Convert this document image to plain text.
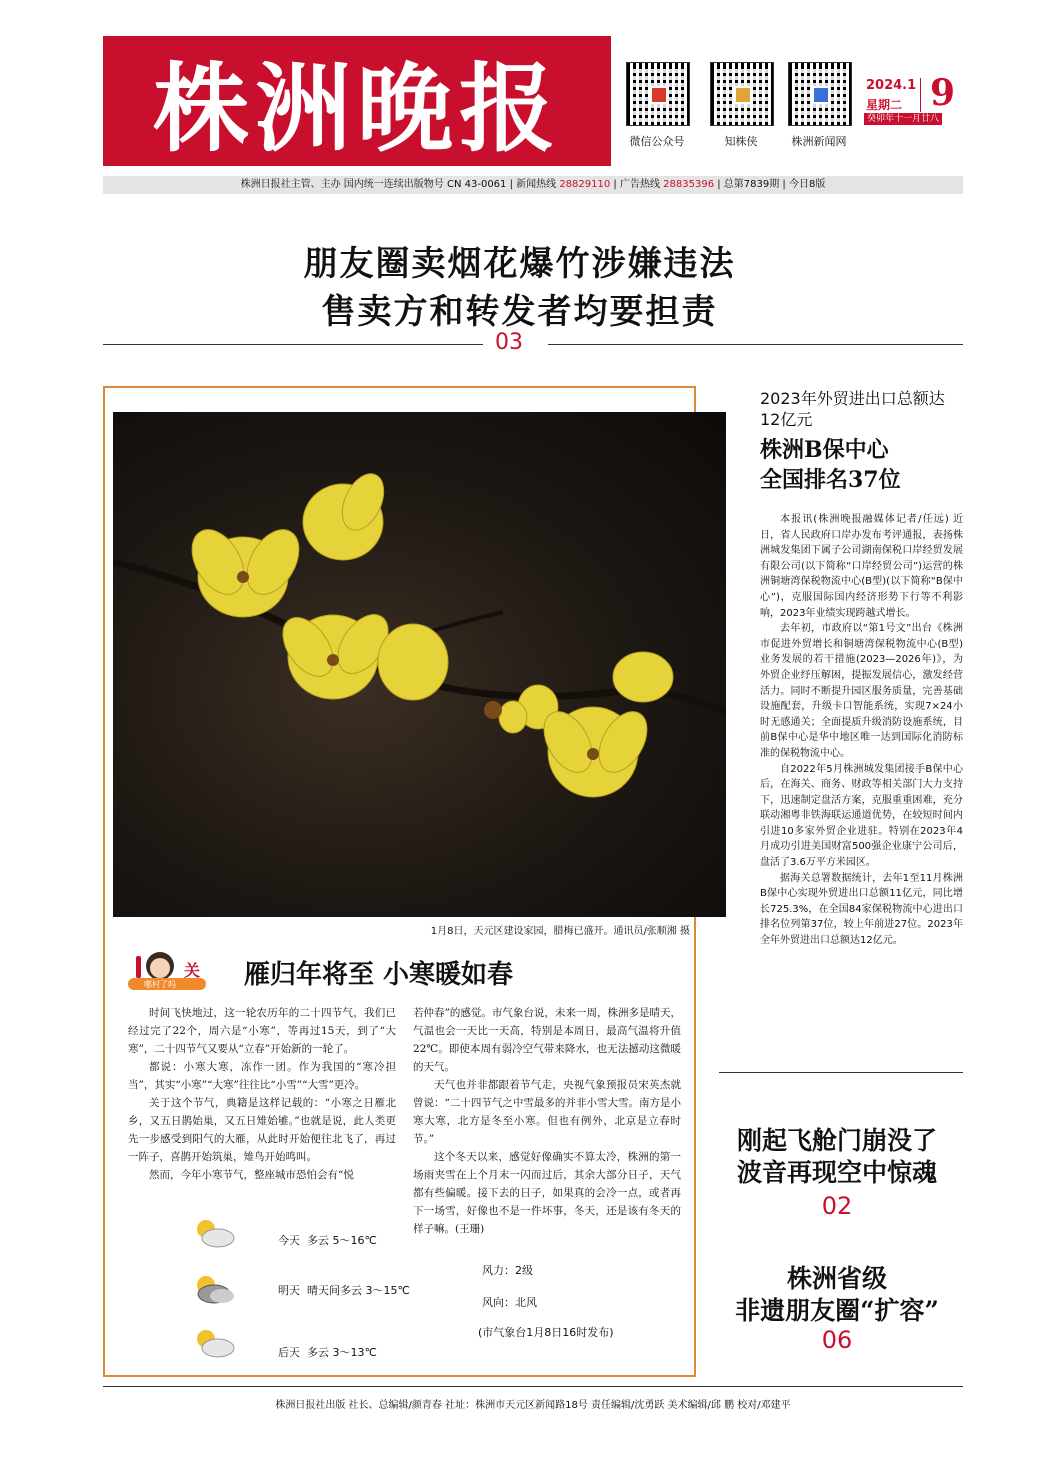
株洲晚报	微信公众号	知株侠	株洲新闻网
2024.1
星期二
癸卯年十一月廿八
9
株洲日报社主管、主办 国内统一连续出版物号 CN 43-0061 | 新闻热线 28829110 | 广告热线 28835396 | 总第7839期 | 今日8版
朋友圈卖烟花爆竹涉嫌违法
售卖方和转发者均要担责
03
1月8日，天元区建设家园，腊梅已盛开。通讯员/张顺湘 摄
关
哪村了吗	雁归年将至 小寒暖如春

时间飞快地过，这一轮农历年的二十四节气，我们已经过完了22个，周六是“小寒”，等再过15天，到了“大寒”，二十四节气又要从“立春”开始新的一轮了。

都说：小寒大寒，冻作一团。作为我国的“寒冷担当”，其实“小寒”“大寒”往往比“小雪”“大雪”更冷。

关于这个节气，典籍是这样记载的：“小寒之日雁北乡，又五日鹊始巢，又五日雉始雊。”也就是说，此人类更先一步感受到阳气的大雁，从此时开始便往北飞了，再过一阵子，喜鹊开始筑巢，雉鸟开始鸣叫。

然而，今年小寒节气，整座城市恐怕会有“悦

若仲春”的感觉。市气象台说，未来一周，株洲多是晴天，气温也会一天比一天高，特别是本周日，最高气温将升值22℃。即使本周有弱冷空气带来降水，也无法撼动这微暖的天气。

天气也并非都跟着节气走，央视气象预报员宋英杰就曾说：“二十四节气之中雪最多的并非小雪大雪。南方是小寒大寒，北方是冬至小寒。但也有例外，北京是立春时节。”

这个冬天以来，感觉好像确实不算太冷，株洲的第一场雨夹雪在上个月末一闪而过后，其余大部分日子，天气都有些偏暖。接下去的日子，如果真的会冷一点，或者再下一场雪，好像也不是一件坏事，冬天，还是该有冬天的样子嘛。(王珊)

今天 多云 5～16℃
明天 晴天间多云 3～15℃
后天 多云 3～13℃
风力：2级
风向：北风
(市气象台1月8日16时发布)
2023年外贸进出口总额达12亿元
株洲B保中心
全国排名37位

本报讯(株洲晚报融媒体记者/任远) 近日，省人民政府口岸办发布考评通报，表扬株洲城发集团下属子公司湖南保税口岸经贸发展有限公司(以下简称“口岸经贸公司”)运营的株洲铜塘湾保税物流中心(B型)(以下简称“B保中心”)，克服国际国内经济形势下行等不利影响，2023年业绩实现跨越式增长。

去年初，市政府以“第1号文”出台《株洲市促进外贸增长和铜塘湾保税物流中心(B型)业务发展的若干措施(2023—2026年)》，为外贸企业纾压解困，提振发展信心，激发经营活力。同时不断提升园区服务质量，完善基础设施配套，升级卡口智能系统，实现7×24小时无感通关；全面提质升级消防设施系统，目前B保中心是华中地区唯一达到国际化消防标准的保税物流中心。

自2022年5月株洲城发集团接手B保中心后，在海关、商务、财政等相关部门大力支持下，迅速制定盘活方案，克服重重困难，充分联动湘粤非铁海联运通道优势，在较短时间内引进10多家外贸企业进驻。特别在2023年4月成功引进美国财富500强企业康宁公司后，盘活了3.6万平方米园区。

据海关总署数据统计，去年1至11月株洲B保中心实现外贸进出口总额11亿元，同比增长725.3%，在全国84家保税物流中心进出口排名位列第37位，较上年前进27位。2023年全年外贸进出口总额达12亿元。

刚起飞舱门崩没了
波音再现空中惊魂
02
株洲省级
非遗朋友圈“扩容”
06
株洲日报社出版 社长、总编辑/颜青春 社址：株洲市天元区新闻路18号 责任编辑/沈勇跃 美术编辑/邱 鹏 校对/邓建平
